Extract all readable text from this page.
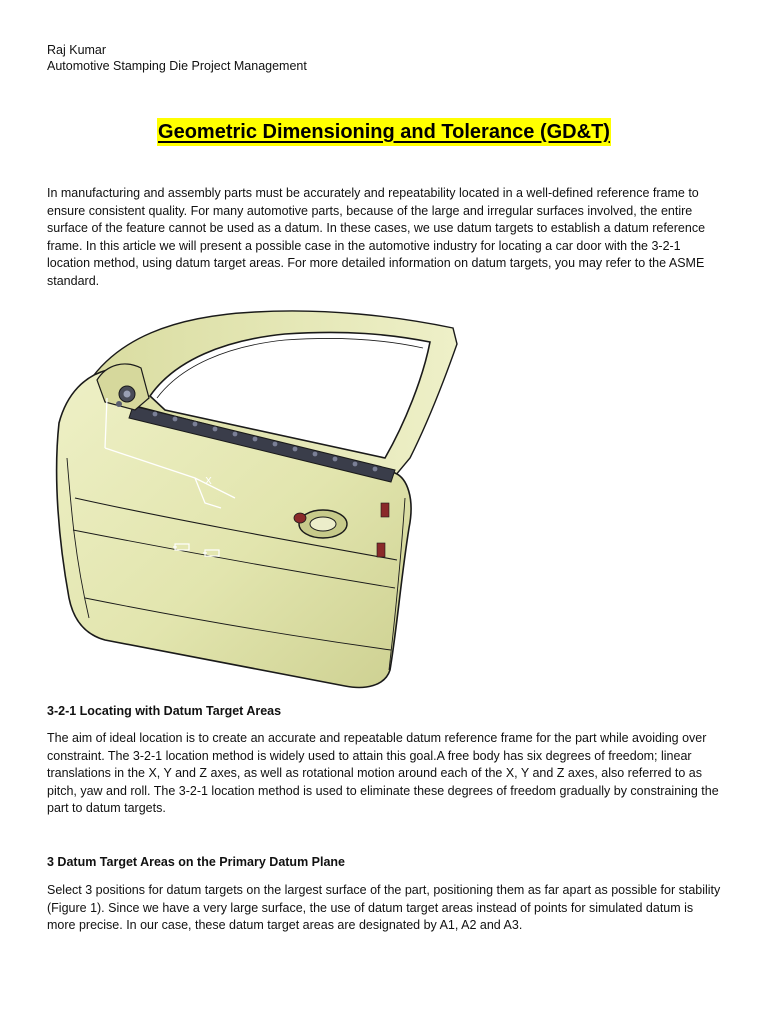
Raj Kumar
Automotive Stamping Die Project Management
Geometric Dimensioning and Tolerance (GD&T)

In manufacturing and assembly parts must be accurately and repeatability located in a well-defined reference frame to ensure consistent quality. For many automotive parts, because of the large and irregular surfaces involved, the entire surface of the feature cannot be used as a datum. In these cases, we use datum targets to establish a datum reference frame. In this article we will present a possible case in the automotive industry for locating a car door with the 3-2-1 location method, using datum target areas. For more detailed information on datum targets, you may refer to the ASME standard.

X
3-2-1 Locating with Datum Target Areas

The aim of ideal location is to create an accurate and repeatable datum reference frame for the part while avoiding over constraint. The 3-2-1 location method is widely used to attain this goal.A free body has six degrees of freedom; linear translations in the X, Y and Z axes, as well as rotational motion around each of the X, Y and Z axes, also referred to as pitch, yaw and roll. The 3-2-1 location method is used to eliminate these degrees of freedom gradually by constraining the part to datum targets.

3 Datum Target Areas on the Primary Datum Plane

Select 3 positions for datum targets on the largest surface of the part, positioning them as far apart as possible for stability (Figure 1). Since we have a very large surface, the use of datum target areas instead of points for simulated datum is more precise. In our case, these datum target areas are designated by A1, A2 and A3.
